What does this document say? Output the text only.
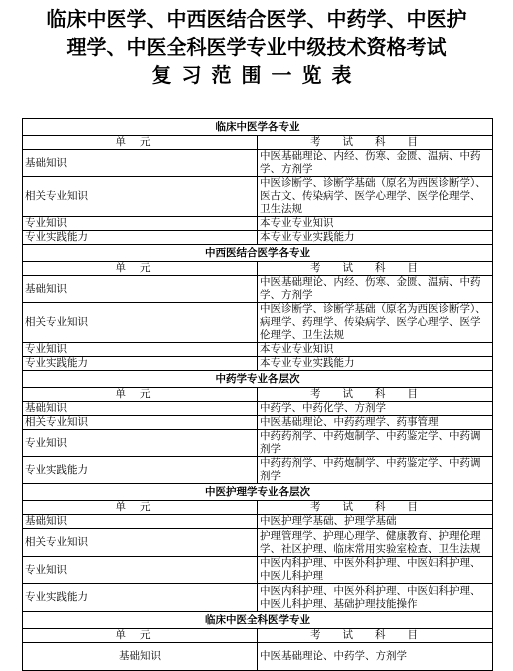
临床中医学、中西医结合医学、中药学、中医护
理学、中医全科医学专业中级技术资格考试
复习范围一览表
临床中医学各专业	
单元	考试科目
基础知识	中医基础理论、内经、伤寒、金匮、温病、中药学、方剂学
相关专业知识	中医诊断学、诊断学基础（原名为西医诊断学）、医古文、传染病学、医学心理学、医学伦理学、卫生法规
专业知识	本专业专业知识
专业实践能力	本专业专业实践能力
中西医结合医学各专业	
单元	考试科目
基础知识	中医基础理论、内经、伤寒、金匮、温病、中药学、方剂学
相关专业知识	中医诊断学、诊断学基础（原名为西医诊断学）、病理学、药理学、传染病学、医学心理学、医学伦理学、卫生法规
专业知识	本专业专业知识
专业实践能力	本专业专业实践能力
中药学专业各层次	
单元	考试科目
基础知识	中药学、中药化学、方剂学
相关专业知识	中医基础理论、中药药理学、药事管理
专业知识	中药药剂学、中药炮制学、中药鉴定学、中药调剂学
专业实践能力	中药药剂学、中药炮制学、中药鉴定学、中药调剂学
中医护理学专业各层次	
单元	考试科目
基础知识	中医护理学基础、护理学基础
相关专业知识	护理管理学、护理心理学、健康教育、护理伦理学、社区护理、临床常用实验室检查、卫生法规
专业知识	中医内科护理、中医外科护理、中医妇科护理、中医儿科护理
专业实践能力	中医内科护理、中医外科护理、中医妇科护理、中医儿科护理、基础护理技能操作
临床中医全科医学专业	
单元	考试科目
基础知识	中医基础理论、中药学、方剂学
